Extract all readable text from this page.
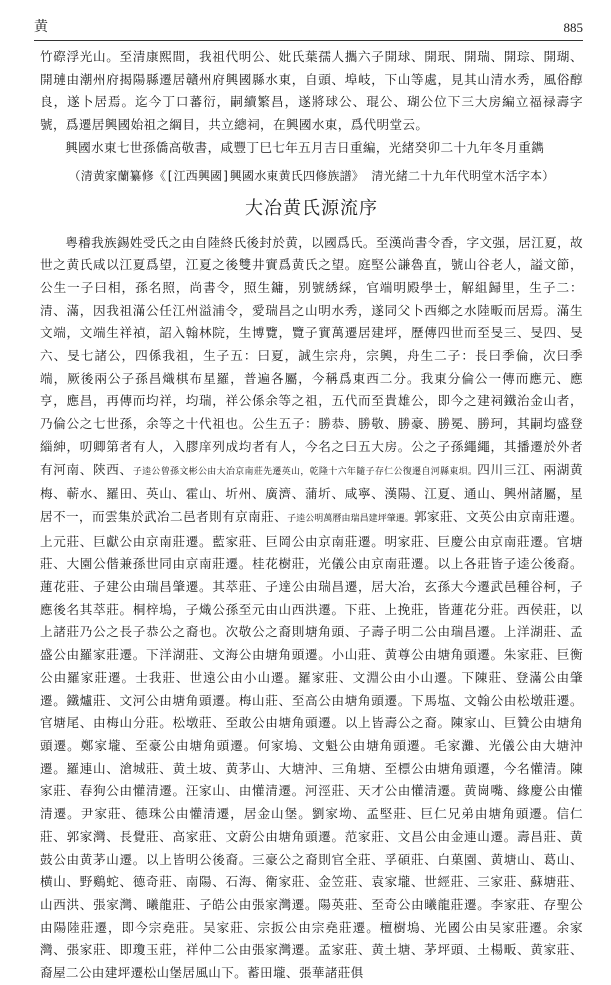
黄	885

竹磜浮光山。至清康熙間，我祖代明公、妣氏葉孺人攜六子開球、開珉、開瑞、開琮、開瑚、開璉由潮州府揭陽縣遷居贛州府興國縣水東，自頭、埠岐，下山等處，見其山清水秀，風俗醇良，遂卜居焉。迄今丁口蕃衍，嗣續繁昌，遂將球公、琨公、瑚公位下三大房編立福禄壽字號，爲遷居興國始祖之綱目，共立總祠，在興國水東，爲代明堂云。

興國水東七世孫僑高敬書，咸豐丁巳七年五月吉日重編，光緒癸卯二十九年冬月重鐫

（清黄家蘭纂修《[江西興國]興國水東黄氏四修族譜》 清光緒二十九年代明堂木活字本）

大冶黄氏源流序

粤稽我族錫姓受氏之由自陸終氏後封於黄，以國爲氏。至漢尚書令香，字文强，居江夏，故世之黄氏咸以江夏爲望，江夏之後雙井實爲黄氏之望。庭堅公謙魯直，號山谷老人，謚文節，公生一子曰相，孫名照，尚書令，照生鏞，别號綉綵，官端明殿學士，解組歸里，生子二：清、滿，因我祖滿公任江州溢浦令，愛瑞昌之山明水秀，遂同父卜西鄉之水陸畈而居焉。滿生文端，文端生祥禎，詔入翰林院，生博覽，覽子實萬遷居建坪，歷傳四世而至旻三、旻四、旻六、旻七諸公，四係我祖，生子五：曰夏，誠生宗舟，宗興，舟生二子：長曰季倫，次曰季端，厥後兩公子孫昌熾棋布星羅，普遍各屬，今稱爲東西二分。我東分倫公一傳而應元、應亨，應昌，再傳而均祥，均瑞，祥公係余等之祖，五代而至貴雄公，即今之建祠鐵治金山者，乃倫公之七世孫，余等之十代祖也。公生五子：勝恭、勝敬、勝豪、勝冕、勝珂，其嗣均盛登緇紳，叨卿第者有人，入膠庠列成均者有人，今名之曰五大房。公之子孫繩繩，其播遷於外者有河南、陝西、子逵公曾孫文彬公由大冶京南莊先遷英山，乾隆十六年隨子存仁公復遷自河縣東垻。四川三江、兩湖黄梅、蕲水、羅田、英山、霍山、圻州、廣濟、蒲圻、咸寧、漢陽、江夏、通山、興州諸屬，星居不一，而雲集於武冶二邑者則有京南莊、子逵公明萬曆由瑞昌建坪肇遷。郭家莊、文英公由京南莊遷。上元莊、巨獻公由京南莊遷。藍家莊、巨岡公由京南莊遷。明家莊、巨慶公由京南莊遷。官塘莊、大園公偕兼孫世同由京南莊遷。桂花樹莊，光儀公由京南莊遷。以上各莊皆子逵公後裔。蓮花莊、子建公由瑞昌肇遷。其萃莊、子達公由瑞昌遷，居大冶，玄孫大今遷武邑種谷柯，子應後名其萃莊。桐梓塢，子熾公孫至元由山西洪遷。下莊、上挽莊，皆蓮花分莊。西侯莊，以上諸莊乃公之長子恭公之裔也。次敬公之裔則塘角頭、子壽子明二公由瑞昌遷。上洋湖莊、孟盛公由羅家莊遷。下洋湖莊、文海公由塘角頭遷。小山莊、黄尊公由塘角頭遷。朱家莊、巨衡公由羅家莊遷。士我莊、世遠公由小山遷。羅家莊、文淵公由小山遷。下陳莊、登滿公由肇遷。鐵爐莊、文河公由塘角頭遷。梅山莊、至高公由塘角頭遷。下馬塩、文翰公由松墩莊遷。官塘尾、由梅山分莊。松墩莊、至敢公由塘角頭遷。以上皆壽公之裔。陳家山、巨贊公由塘角頭遷。鄭家壠、至豪公由塘角頭遷。何家塢、文魁公由塘角頭遷。毛家灘、光儀公由大塘沖遷。羅連山、滄城莊、黄土坡、黄茅山、大塘沖、三角塘、至標公由塘角頭遷，今名懽清。陳家莊、春狗公由懽清遷。汪家山、由懽清遷。河涇莊、天才公由懽清遷。黄崗嘴、緣慶公由懽清遷。尹家莊、德珠公由懽清遷，居金山堡。劉家坳、孟堅莊、巨仁兄弟由塘角頭遷。信仁莊、郭家灣、長覺莊、高家莊、文蔚公由塘角頭遷。范家莊、文昌公由金連山遷。壽昌莊、黄鼓公由黄茅山遷。以上皆明公後裔。三豪公之裔則官全莊、孚碩莊、白菓園、黄塘山、葛山、横山、野鷄蛇、德奇莊、南陽、石海、衛家莊、金笠莊、袁家壠、世經莊、三家莊、蘇塘莊、山西洪、張家灣、曦龍莊、子皓公由張家灣遷。陽英莊、至奇公由曦龍莊遷。李家莊、存聖公由陽陸莊遷，即今宗堯莊。吴家莊、宗扳公由宗堯莊遷。檀樹塢、光國公由吴家莊遷。余家灣、張家莊、即瓊玉莊，祥仲二公由張家灣遷。孟家莊、黄土塘、茅坪頭、土楊畈、黄家莊、裔屋二公由建坪遷松山堡居風山下。蓄田壠、張華諸莊俱
